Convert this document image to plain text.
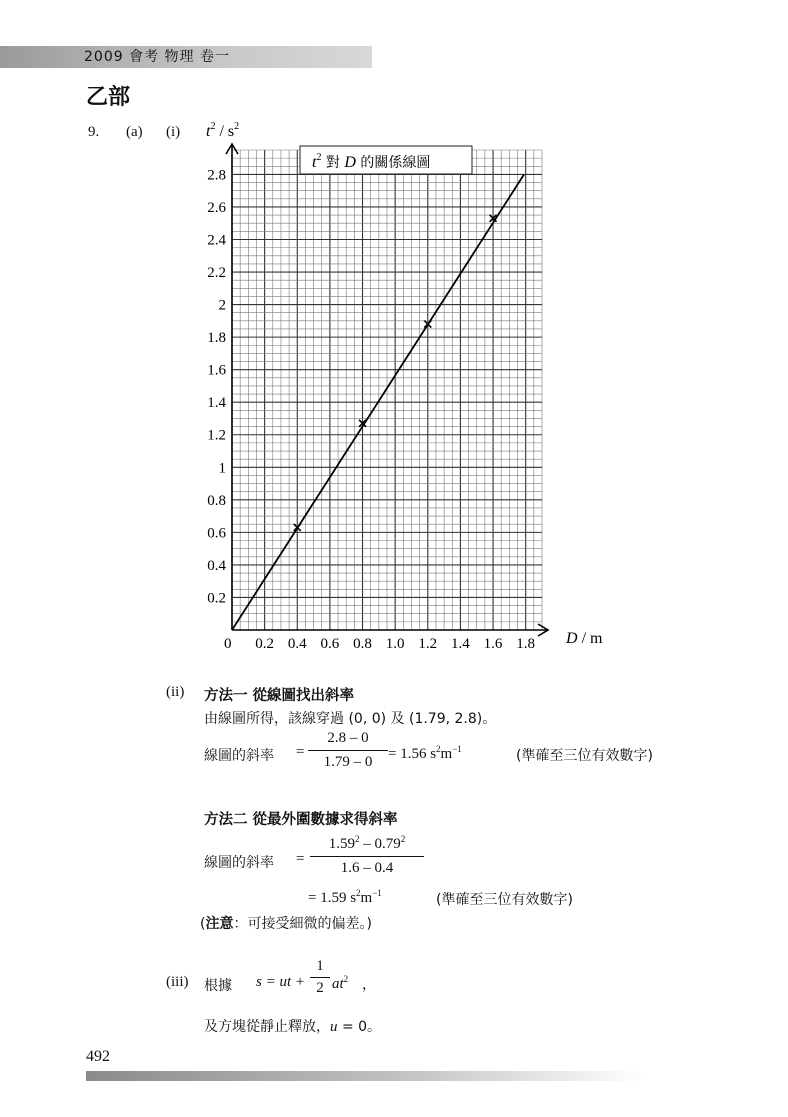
2009 會考 物理 卷一
乙部
9. (a) (i)
0 0.2 0.4 0.6 0.8 1.0 1.2 1.4 1.6 1.8
0.2
0.4
0.6
0.8
1
1.2
1.4
1.6
1.8
2
2.2
2.4
2.6
2.8
$t^2 / s^2$
D / m
$t^2$ 對 D 的關係線圖
(ii) 方法一 從線圖找出斜率
由線圖所得，該線穿過 (0, 0) 及 (1.79, 2.8)。
線圖的斜率 = $\frac{2.8 - 0}{1.79 - 0} = 1.56$ $s^2m^{-1}$	(準確至三位有效數字)
方法二 從最外圍數據求得斜率
線圖的斜率 = $\frac{1.59^2 - 0.79^2}{1.6 - 0.4}$
= 1.59 $s^2m^{-1}$	(準確至三位有效數字)
(注意：可接受細微的偏差。)
(iii) 根據 s = ut + $\frac{1}{2} at^2$ ，
及方塊從靜止釋放，u = 0。
492
